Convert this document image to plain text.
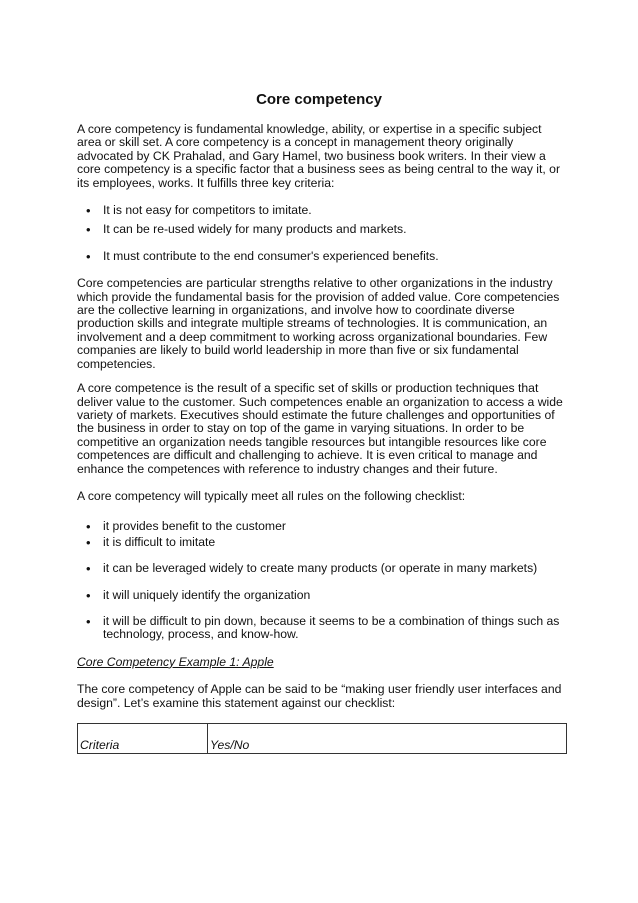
Core competency

A core competency is fundamental knowledge, ability, or expertise in a specific subject area or skill set. A core competency is a concept in management theory originally advocated by CK Prahalad, and Gary Hamel, two business book writers. In their view a core competency is a specific factor that a business sees as being central to the way it, or its employees, works. It fulfills three key criteria:

• It is not easy for competitors to imitate.
• It can be re-used widely for many products and markets.
• It must contribute to the end consumer's experienced benefits.

Core competencies are particular strengths relative to other organizations in the industry which provide the fundamental basis for the provision of added value. Core competencies are the collective learning in organizations, and involve how to coordinate diverse production skills and integrate multiple streams of technologies. It is communication, an involvement and a deep commitment to working across organizational boundaries. Few companies are likely to build world leadership in more than five or six fundamental competencies.

A core competence is the result of a specific set of skills or production techniques that deliver value to the customer. Such competences enable an organization to access a wide variety of markets. Executives should estimate the future challenges and opportunities of the business in order to stay on top of the game in varying situations. In order to be competitive an organization needs tangible resources but intangible resources like core competences are difficult and challenging to achieve. It is even critical to manage and enhance the competences with reference to industry changes and their future.

A core competency will typically meet all rules on the following checklist:

• it provides benefit to the customer
• it is difficult to imitate
• it can be leveraged widely to create many products (or operate in many markets)
• it will uniquely identify the organization
• it will be difficult to pin down, because it seems to be a combination of things such as technology, process, and know-how.

Core Competency Example 1: Apple

The core competency of Apple can be said to be “making user friendly user interfaces and design”. Let’s examine this statement against our checklist:

Criteria	Yes/No
